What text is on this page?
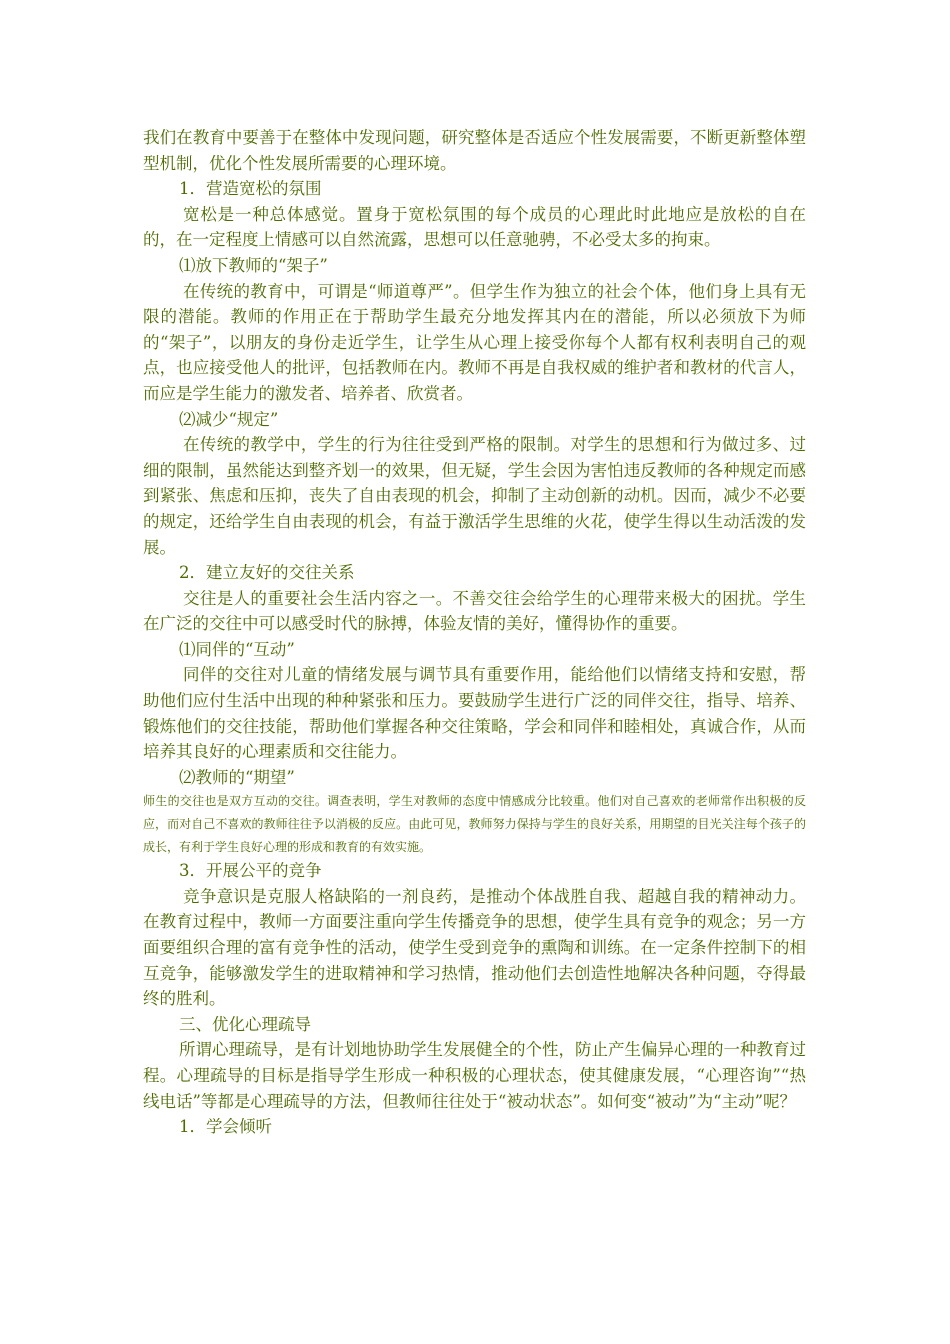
我们在教育中要善于在整体中发现问题，研究整体是否适应个性发展需要，不断更新整体塑型机制，优化个性发展所需要的心理环境。

1．营造宽松的氛围

宽松是一种总体感觉。置身于宽松氛围的每个成员的心理此时此地应是放松的自在的，在一定程度上情感可以自然流露，思想可以任意驰骋，不必受太多的拘束。

⑴放下教师的“架子”

在传统的教育中，可谓是“师道尊严”。但学生作为独立的社会个体，他们身上具有无限的潜能。教师的作用正在于帮助学生最充分地发挥其内在的潜能，所以必须放下为师的“架子”，以朋友的身份走近学生，让学生从心理上接受你每个人都有权利表明自己的观点，也应接受他人的批评，包括教师在内。教师不再是自我权威的维护者和教材的代言人，而应是学生能力的激发者、培养者、欣赏者。

⑵减少“规定”

在传统的教学中，学生的行为往往受到严格的限制。对学生的思想和行为做过多、过细的限制，虽然能达到整齐划一的效果，但无疑，学生会因为害怕违反教师的各种规定而感到紧张、焦虑和压抑，丧失了自由表现的机会，抑制了主动创新的动机。因而，减少不必要的规定，还给学生自由表现的机会，有益于激活学生思维的火花，使学生得以生动活泼的发展。

2．建立友好的交往关系

交往是人的重要社会生活内容之一。不善交往会给学生的心理带来极大的困扰。学生在广泛的交往中可以感受时代的脉搏，体验友情的美好，懂得协作的重要。

⑴同伴的“互动”

同伴的交往对儿童的情绪发展与调节具有重要作用，能给他们以情绪支持和安慰，帮助他们应付生活中出现的种种紧张和压力。要鼓励学生进行广泛的同伴交往，指导、培养、锻炼他们的交往技能，帮助他们掌握各种交往策略，学会和同伴和睦相处，真诚合作，从而培养其良好的心理素质和交往能力。

⑵教师的“期望”

师生的交往也是双方互动的交往。调查表明，学生对教师的态度中情感成分比较重。他们对自己喜欢的老师常作出积极的反应，而对自己不喜欢的教师往往予以消极的反应。由此可见，教师努力保持与学生的良好关系，用期望的目光关注每个孩子的成长，有利于学生良好心理的形成和教育的有效实施。

3．开展公平的竞争

竞争意识是克服人格缺陷的一剂良药，是推动个体战胜自我、超越自我的精神动力。在教育过程中，教师一方面要注重向学生传播竞争的思想，使学生具有竞争的观念；另一方面要组织合理的富有竞争性的活动，使学生受到竞争的熏陶和训练。在一定条件控制下的相互竞争，能够激发学生的进取精神和学习热情，推动他们去创造性地解决各种问题，夺得最终的胜利。

三、优化心理疏导

所谓心理疏导，是有计划地协助学生发展健全的个性，防止产生偏异心理的一种教育过程。心理疏导的目标是指导学生形成一种积极的心理状态，使其健康发展，“心理咨询”“热线电话”等都是心理疏导的方法，但教师往往处于“被动状态”。如何变“被动”为“主动”呢？

1．学会倾听
